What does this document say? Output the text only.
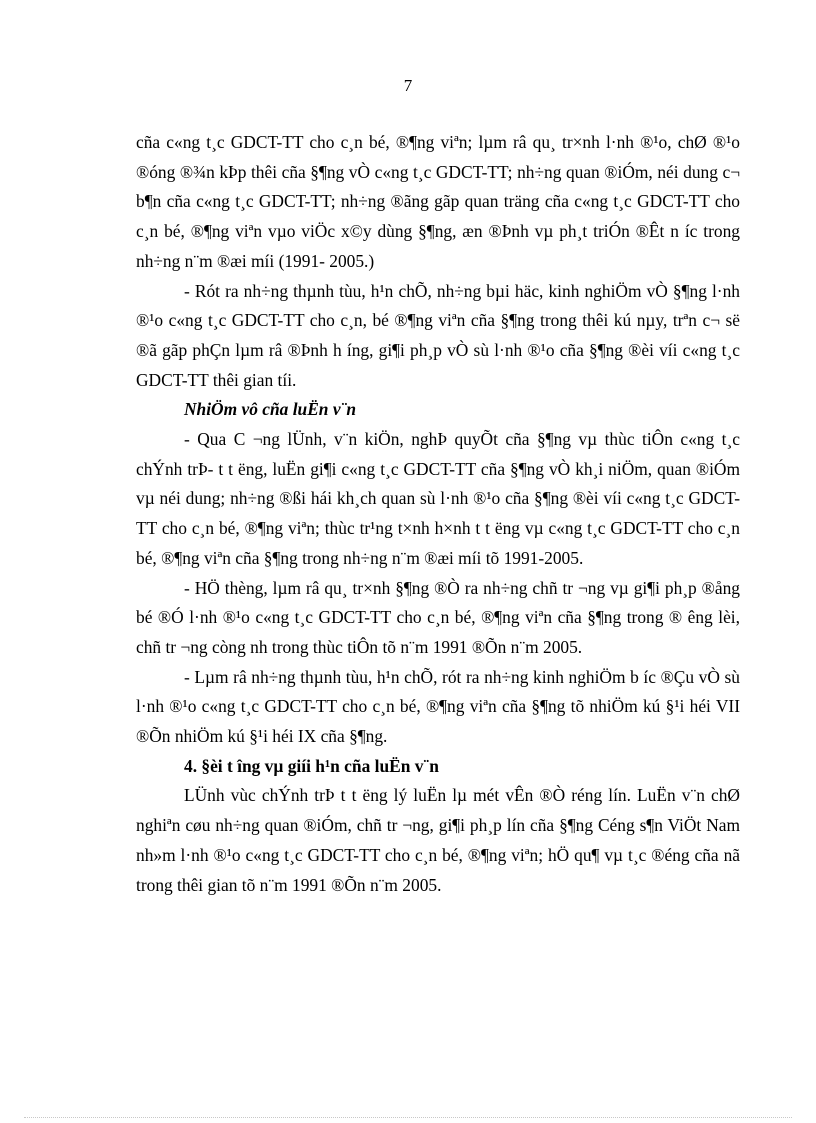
7

cña c«ng t¸c GDCT-TT cho c¸n bé, ®¶ng viªn; lµm râ qu¸ tr×nh l·nh ®¹o, chØ ®¹o ®óng ®¾n kÞp thêi cña §¶ng vÒ c«ng t¸c GDCT-TT; nh÷ng quan ®iÓm, néi dung c¬ b¶n cña c«ng t¸c GDCT-TT; nh÷ng ®ãng gãp quan träng cña c«ng t¸c GDCT-TT cho c¸n bé, ®¶ng viªn vµo viÖc x©y dùng §¶ng, æn ®Þnh vµ ph¸t triÓn ®Êt n íc trong nh÷ng n¨m ®æi míi (1991- 2005.)

- Rót ra nh÷ng thµnh tùu, h¹n chÕ, nh÷ng bµi häc, kinh nghiÖm vÒ §¶ng l·nh ®¹o c«ng t¸c GDCT-TT cho c¸n, bé ®¶ng viªn cña §¶ng trong thêi kú nµy, trªn c¬ së ®ã gãp phÇn lµm râ ®Þnh h íng, gi¶i ph¸p vÒ sù l·nh ®¹o cña §¶ng ®èi víi c«ng t¸c GDCT-TT thêi gian tíi.

NhiÖm vô cña luËn v¨n

- Qua C ¬ng lÜnh, v¨n kiÖn, nghÞ quyÕt cña §¶ng vµ thùc tiÔn c«ng t¸c chÝnh trÞ- t t ëng, luËn gi¶i c«ng t¸c GDCT-TT cña §¶ng vÒ kh¸i niÖm, quan ®iÓm vµ néi dung; nh÷ng ®ßi hái kh¸ch quan sù l·nh ®¹o cña §¶ng ®èi víi c«ng t¸c GDCT-TT cho c¸n bé, ®¶ng viªn; thùc tr¹ng t×nh h×nh t t ëng vµ c«ng t¸c GDCT-TT cho c¸n bé, ®¶ng viªn cña §¶ng trong nh÷ng n¨m ®æi míi tõ 1991-2005.

- HÖ thèng, lµm râ qu¸ tr×nh §¶ng ®Ò ra nh÷ng chñ tr ¬ng vµ gi¶i ph¸p ®ång bé ®Ó l·nh ®¹o c«ng t¸c GDCT-TT cho c¸n bé, ®¶ng viªn cña §¶ng trong ® êng lèi, chñ tr ¬ng còng nh trong thùc tiÔn tõ n¨m 1991 ®Õn n¨m 2005.

- Lµm râ nh÷ng thµnh tùu, h¹n chÕ, rót ra nh÷ng kinh nghiÖm b íc ®Çu vÒ sù l·nh ®¹o c«ng t¸c GDCT-TT cho c¸n bé, ®¶ng viªn cña §¶ng tõ nhiÖm kú §¹i héi VII ®Õn nhiÖm kú §¹i héi IX cña §¶ng.

4. §èi t îng vµ giíi h¹n cña luËn v¨n

LÜnh vùc chÝnh trÞ t t ëng lý luËn lµ mét vÊn ®Ò réng lín. LuËn v¨n chØ nghiªn cøu nh÷ng quan ®iÓm, chñ tr ¬ng, gi¶i ph¸p lín cña §¶ng Céng s¶n ViÖt Nam nh»m l·nh ®¹o c«ng t¸c GDCT-TT cho c¸n bé, ®¶ng viªn; hÖ qu¶ vµ t¸c ®éng cña nã trong thêi gian tõ n¨m 1991 ®Õn n¨m 2005.
